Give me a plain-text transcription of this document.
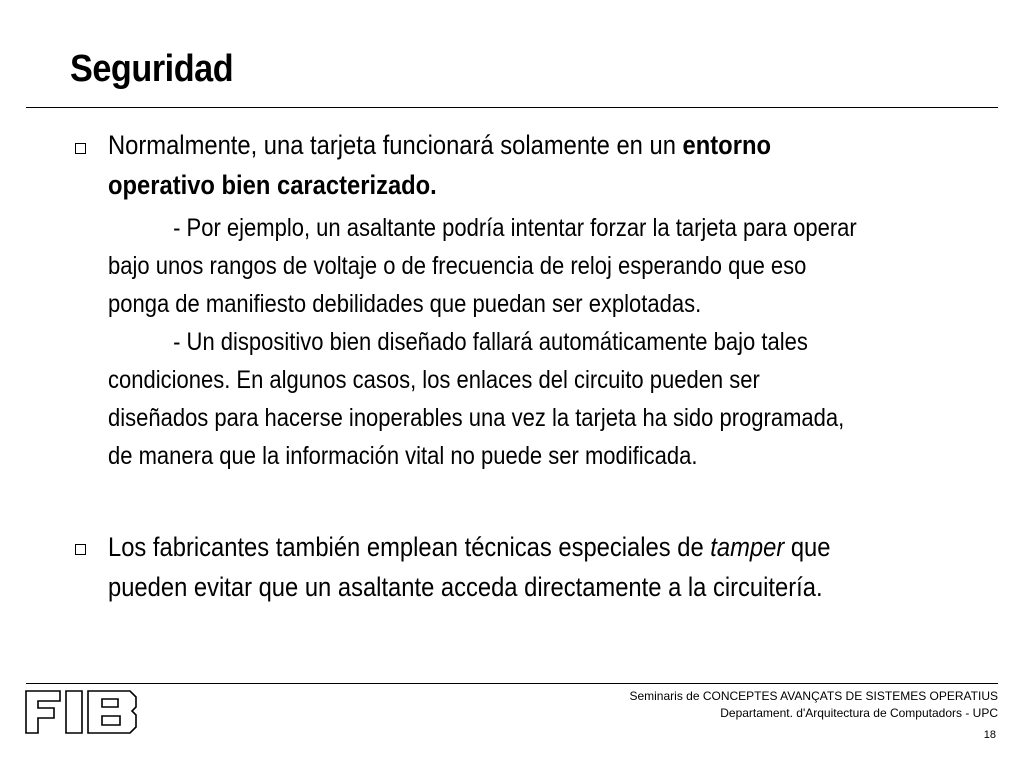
Seguridad
Normalmente, una tarjeta funcionará solamente en un entorno
operativo bien caracterizado.
- Por ejemplo, un asaltante podría intentar forzar la tarjeta para operar
bajo unos rangos de voltaje o de frecuencia de reloj esperando que eso
ponga de manifiesto debilidades que puedan ser explotadas.
- Un dispositivo bien diseñado fallará automáticamente bajo tales
condiciones. En algunos casos, los enlaces del circuito pueden ser
diseñados para hacerse inoperables una vez la tarjeta ha sido programada,
de manera que la información vital no puede ser modificada.
Los fabricantes también emplean técnicas especiales de tamper que
pueden evitar que un asaltante acceda directamente a la circuitería.
Seminaris de CONCEPTES AVANÇATS DE SISTEMES OPERATIUS
Departament. d'Arquitectura de Computadors - UPC
18
